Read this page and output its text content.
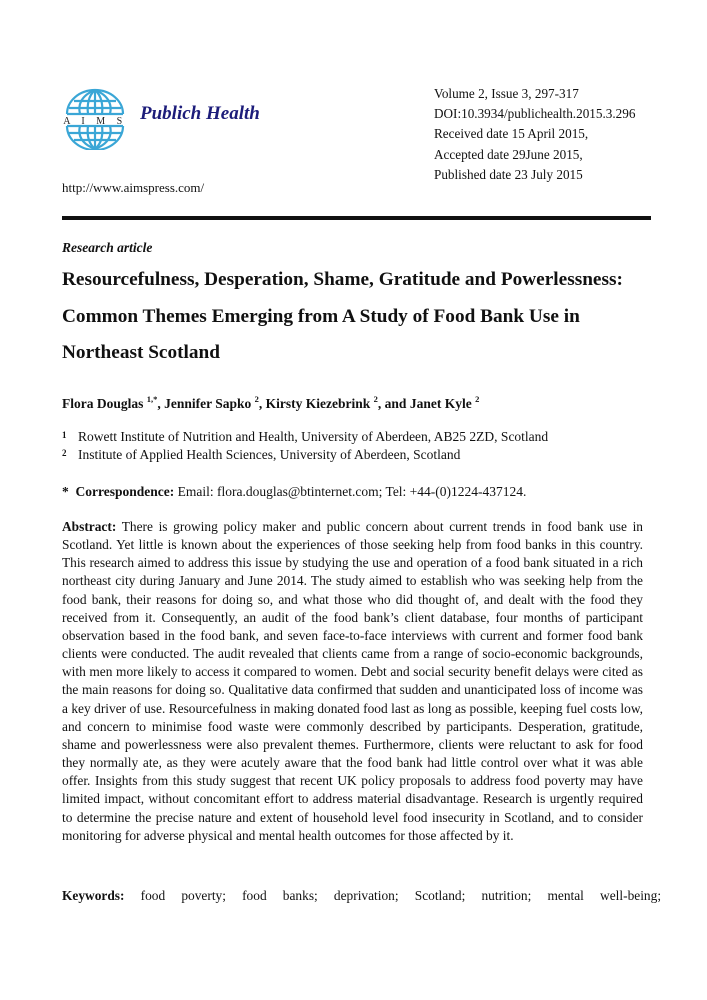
A I M S Publich Health
http://www.aimspress.com/
Volume 2, Issue 3, 297-317
DOI:10.3934/publichealth.2015.3.296
Received date 15 April 2015,
Accepted date 29June 2015,
Published date 23 July 2015
Research article
Resourcefulness, Desperation, Shame, Gratitude and Powerlessness:
Common Themes Emerging from A Study of Food Bank Use in
Northeast Scotland
Flora Douglas $^{1,*}$, Jennifer Sapko $^2$, Kirsty Kiezebrink $^2$, and Janet Kyle $^2$
1 Rowett Institute of Nutrition and Health, University of Aberdeen, AB25 2ZD, Scotland
2 Institute of Applied Health Sciences, University of Aberdeen, Scotland
* Correspondence: Email: flora.douglas@btinternet.com; Tel: +44-(0)1224-437124.
Abstract: There is growing policy maker and public concern about current trends in food bank use in Scotland. Yet little is known about the experiences of those seeking help from food banks in this country. This research aimed to address this issue by studying the use and operation of a food bank situated in a rich northeast city during January and June 2014. The study aimed to establish who was seeking help from the food bank, their reasons for doing so, and what those who did thought of, and dealt with the food they received from it. Consequently, an audit of the food bank’s client database, four months of participant observation based in the food bank, and seven face-to-face interviews with current and former food bank clients were conducted. The audit revealed that clients came from a range of socio-economic backgrounds, with men more likely to access it compared to women. Debt and social security benefit delays were cited as the main reasons for doing so. Qualitative data confirmed that sudden and unanticipated loss of income was a key driver of use. Resourcefulness in making donated food last as long as possible, keeping fuel costs low, and concern to minimise food waste were commonly described by participants. Desperation, gratitude, shame and powerlessness were also prevalent themes. Furthermore, clients were reluctant to ask for food they normally ate, as they were acutely aware that the food bank had little control over what it was able offer. Insights from this study suggest that recent UK policy proposals to address food poverty may have limited impact, without concomitant effort to address material disadvantage. Research is urgently required to determine the precise nature and extent of household level food insecurity in Scotland, and to consider monitoring for adverse physical and mental health outcomes for those affected by it.
Keywords: food poverty; food banks; deprivation; Scotland; nutrition; mental well-being;
